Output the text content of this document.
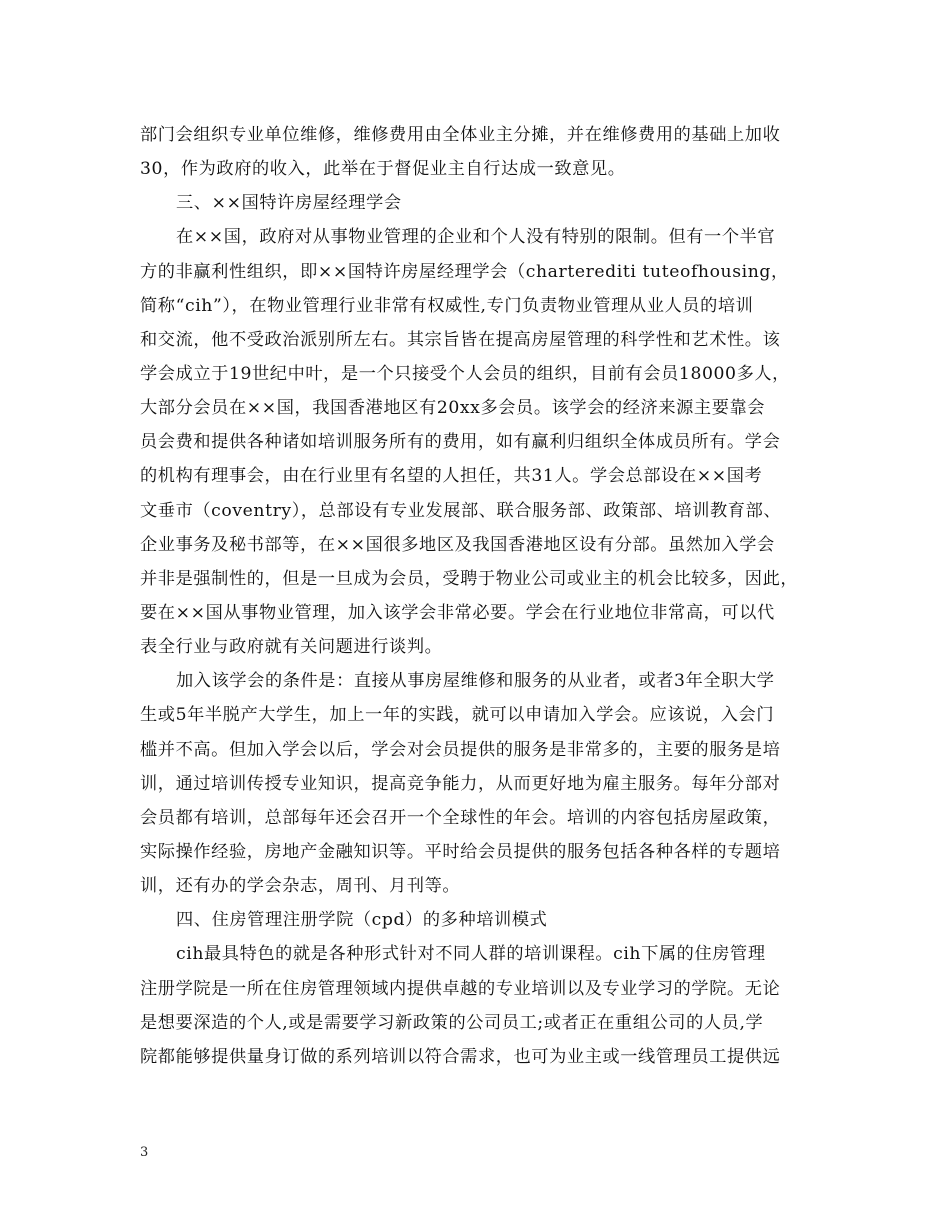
部门会组织专业单位维修，维修费用由全体业主分摊，并在维修费用的基础上加收
30，作为政府的收入，此举在于督促业主自行达成一致意见。
三、××国特许房屋经理学会
在××国，政府对从事物业管理的企业和个人没有特别的限制。但有一个半官
方的非赢利性组织，即××国特许房屋经理学会（charterediti tuteofhousing，
简称“cih”），在物业管理行业非常有权威性,专门负责物业管理从业人员的培训
和交流，他不受政治派别所左右。其宗旨皆在提高房屋管理的科学性和艺术性。该
学会成立于19世纪中叶，是一个只接受个人会员的组织，目前有会员18000多人，
大部分会员在××国，我国香港地区有20xx多会员。该学会的经济来源主要靠会
员会费和提供各种诸如培训服务所有的费用，如有赢利归组织全体成员所有。学会
的机构有理事会，由在行业里有名望的人担任，共31人。学会总部设在××国考
文垂市（coventry），总部设有专业发展部、联合服务部、政策部、培训教育部、
企业事务及秘书部等，在××国很多地区及我国香港地区设有分部。虽然加入学会
并非是强制性的，但是一旦成为会员，受聘于物业公司或业主的机会比较多，因此，
要在××国从事物业管理，加入该学会非常必要。学会在行业地位非常高，可以代
表全行业与政府就有关问题进行谈判。
加入该学会的条件是：直接从事房屋维修和服务的从业者，或者3年全职大学
生或5年半脱产大学生，加上一年的实践，就可以申请加入学会。应该说，入会门
槛并不高。但加入学会以后，学会对会员提供的服务是非常多的，主要的服务是培
训，通过培训传授专业知识，提高竞争能力，从而更好地为雇主服务。每年分部对
会员都有培训，总部每年还会召开一个全球性的年会。培训的内容包括房屋政策，
实际操作经验，房地产金融知识等。平时给会员提供的服务包括各种各样的专题培
训，还有办的学会杂志，周刊、月刊等。
四、住房管理注册学院（cpd）的多种培训模式
cih最具特色的就是各种形式针对不同人群的培训课程。cih下属的住房管理
注册学院是一所在住房管理领域内提供卓越的专业培训以及专业学习的学院。无论
是想要深造的个人,或是需要学习新政策的公司员工;或者正在重组公司的人员,学
院都能够提供量身订做的系列培训以符合需求，也可为业主或一线管理员工提供远
3
